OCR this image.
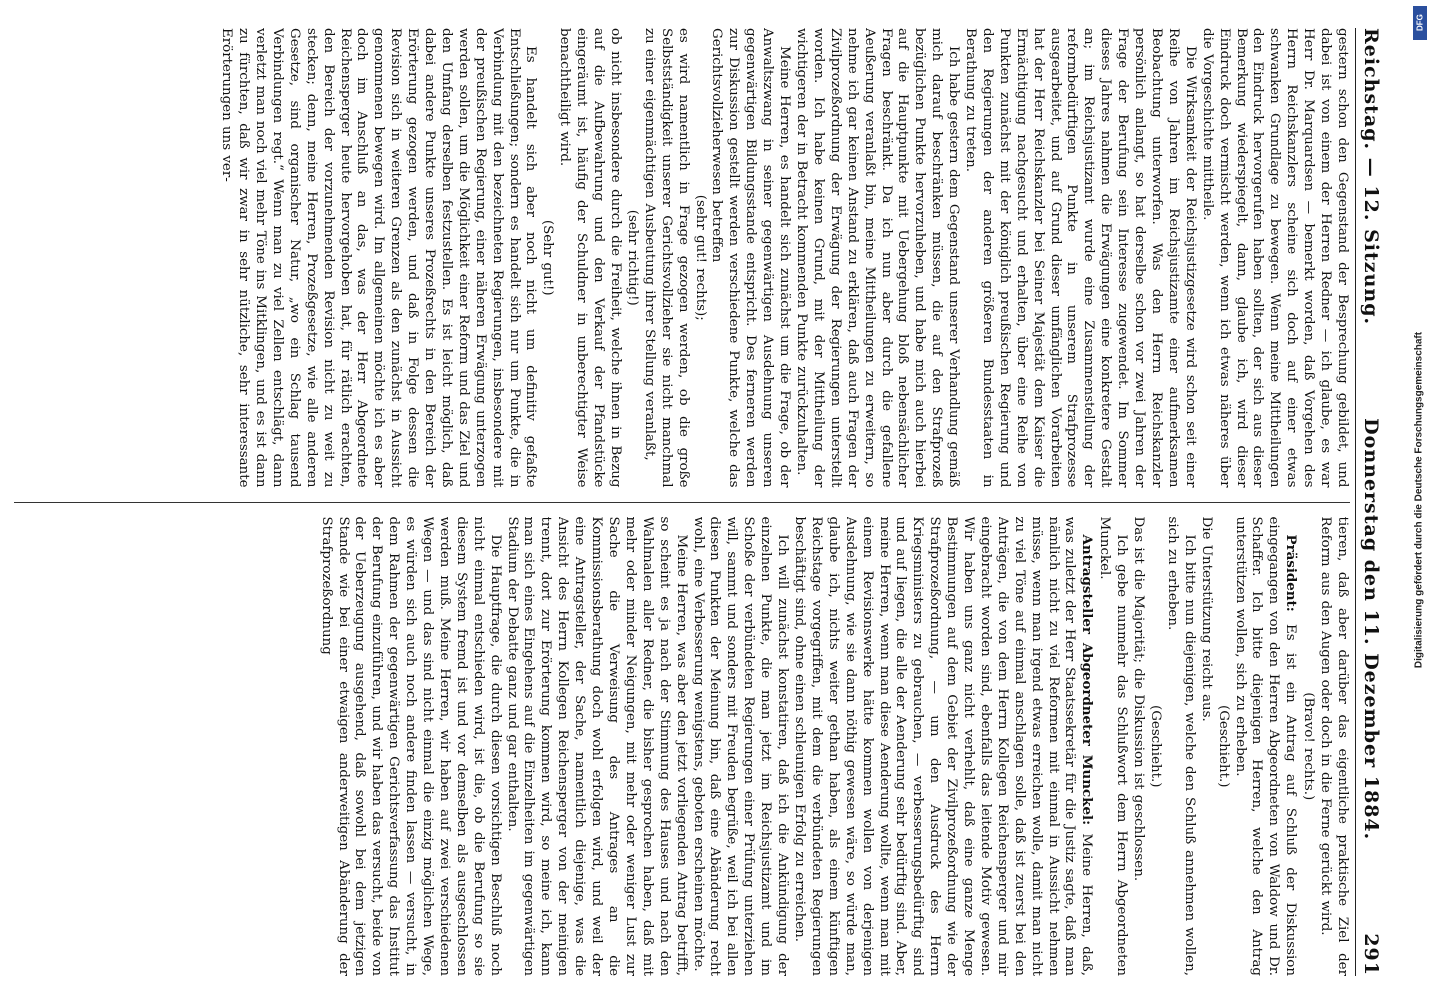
Reichstag. — 12. Sitzung.
Donnerstag den 11. Dezember 1884.
291

gestern schon den Gegenstand der Besprechung gebildet, und dabei ist von einem der Herren Redner — ich glaube, es war Herr Dr. Marquardsen — bemerkt worden, daß Vorgehen des Herrn Reichskanzlers scheine sich doch auf einer etwas schwanken Grundlage zu bewegen. Wenn meine Mittheilungen den Eindruck hervorgerufen haben sollten, der sich aus dieser Bemerkung wiederspiegelt, dann, glaube ich, wird dieser Eindruck doch vermischt werden, wenn ich etwas näheres über die Vorgeschichte mittheile.

Die Wirksamkeit der Reichsjustizgesetze wird schon seit einer Reihe von Jahren im Reichsjustizamte einer aufmerksamen Beobachtung unterworfen. Was den Herrn Reichskanzler persönlich anlangt, so hat derselbe schon vor zwei Jahren der Frage der Berufung sein Interesse zugewendet. Im Sommer dieses Jahres nahmen die Erwägungen eine konkretere Gestalt an; im Reichsjustizamt wurde eine Zusammenstellung der reformbedürftigen Punkte in unserem Strafprozesse ausgearbeitet, und auf Grund dieser umfänglichen Vorarbeiten hat der Herr Reichskanzler bei Seiner Majestät dem Kaiser die Ermächtigung nachgesucht und erhalten, über eine Reihe von Punkten zunächst mit der königlich preußischen Regierung und den Regierungen der anderen größeren Bundesstaaten in Berathung zu treten.

Ich habe gestern dem Gegenstand unserer Verhandlung gemäß mich darauf beschränken müssen, die auf den Strafprozeß bezüglichen Punkte hervorzuheben, und habe mich auch hierbei auf die Hauptpunkte mit Uebergehung bloß nebensächlicher Fragen beschränkt. Da ich nun aber durch die gefallene Aeußerung veranlaßt bin, meine Mittheilungen zu erweitern, so nehme ich gar keinen Anstand zu erklären, daß auch Fragen der Zivilprozeßordnung der Erwägung der Regierungen unterstellt worden. Ich habe keinen Grund, mit der Mittheilung der wichtigeren der in Betracht kommenden Punkte zurückzuhalten.

Meine Herren, es handelt sich zunächst um die Frage, ob der Anwaltszwang in seiner gegenwärtigen Ausdehnung unseren gegenwärtigen Bildungsstande entspricht. Des ferneren werden zur Diskussion gestellt werden verschiedene Punkte, welche das Gerichtsvollzieherwesen betreffen

(sehr gut! rechts);

es wird namentlich in Frage gezogen werden, ob die große Selbstständigkeit unserer Gerichtsvollzieher sie nicht manchmal zu einer eigenmächtigen Ausbeutung ihrer Stellung veranlaßt,

(sehr richtig!)

ob nicht insbesondere durch die Freiheit, welche ihnen in Bezug auf die Aufbewahrung und den Verkauf der Pfandstücke eingeräumt ist, häufig der Schuldner in unberechtigter Weise benachtheiligt wird.

(Sehr gut!)

Es handelt sich aber noch nicht um definitiv gefaßte Entschließungen; sondern es handelt sich nur um Punkte, die in Verbindung mit den bezeichneten Regierungen, insbesondere mit der preußischen Regierung, einer näheren Erwägung unterzogen werden sollen, um die Möglichkeit einer Reform und das Ziel und den Umfang derselben festzustellen. Es ist leicht möglich, daß dabei andere Punkte unseres Prozeßrechts in den Bereich der Erörterung gezogen werden, und daß in Folge dessen die Revision sich in weiteren Grenzen als den zunächst in Aussicht genommenen bewegen wird. Im allgemeinen möchte ich es aber doch im Anschluß an das, was der Herr Abgeordnete Reichensperger heute hervorgehoben hat, für rätlich erachten, den Bereich der vorzunehmenden Revision nicht zu weit zu stecken; denn, meine Herren, Prozeßgesetze, wie alle anderen Gesetze, sind organischer Natur, „wo ein Schlag tausend Verbindungen regt.“ Wenn man zu viel Zellen entschlägt, dann verletzt man noch viel mehr Töne ins Mitklingen, und es ist dann zu fürchten, daß wir zwar in sehr nützliche, sehr interessante Erörterungen uns ver-

tieren, daß aber darüber das eigentliche praktische Ziel der Reform aus den Augen oder doch in die Ferne gerückt wird.

(Bravo! rechts.)

Präsident: Es ist ein Antrag auf Schluß der Diskussion eingegangen von den Herren Abgeordneten von Waldow und Dr. Schaffer. Ich bitte diejenigen Herren, welche den Antrag unterstützen wollen, sich zu erheben.

(Geschieht.)

Die Unterstützung reicht aus.

Ich bitte nun diejenigen, welche den Schluß annehmen wollen, sich zu erheben.

(Geschieht.)

Das ist die Majorität; die Diskussion ist geschlossen.

Ich gebe nunmehr das Schlußwort dem Herrn Abgeordneten Munckel.

Antragsteller Abgeordneter Munckel: Meine Herren, daß, was zuletzt der Herr Staatssekretär für die Justiz sagte, daß man nämlich nicht zu viel Reformen mit einmal in Aussicht nehmen müsse, wenn man irgend etwas erreichen wolle, damit man nicht zu viel Töne auf einmal anschlagen solle, daß ist zuerst bei den Anträgen, die von dem Herrn Kollegen Reichensperger und mir eingebracht worden sind, ebenfalls das leitende Motiv gewesen. Wir haben uns ganz nicht verhehlt, daß eine ganze Menge Bestimmungen auf dem Gebiet der Zivilprozeßordnung wie der Strafprozeßordnung, — um den Ausdruck des Herrn Kriegsministers zu gebrauchen, — verbesserungsbedürftig sind und auf liegen, die alle der Aenderung sehr bedürftig sind. Aber, meine Herren, wenn man diese Aenderung wollte, wenn man mit einem Revisionswerke hätte kommen wollen von derjenigen Ausdehnung, wie sie dann nöthig gewesen wäre, so würde man, glaube ich, nichts weiter gethan haben, als einem künftigen Reichstage vorgegriffen, mit dem die verbündeten Regierungen beschäftigt sind, ohne einen schleunigen Erfolg zu erreichen.

Ich will zunächst konstatiren, daß ich die Ankündigung der einzelnen Punkte, die man jetzt im Reichsjustizamt und im Schoße der verbündeten Regierungen einer Prüfung unterziehen will, sammt und sonders mit Freuden begrüße, weil ich bei allen diesen Punkten der Meinung bin, daß eine Abänderung recht wohl, eine Verbesserung wenigstens, geboten erscheinen möchte.

Meine Herren, was aber den jetzt vorliegenden Antrag betrifft, so scheint es ja nach der Stimmung des Hauses und nach den Wahlmalen aller Redner, die bisher gesprochen haben, daß mit mehr oder minder Neigungen, mit mehr oder weniger Lust zur Sache die Verweisung des Antrages an die Kommissionsberathung doch wohl erfolgen wird, und weil der eine Antragsteller, der Sache, namentlich diejenige, was die Ansicht des Herrn Kollegen Reichensperger von der meinigen trennt, dort zur Erörterung kommen wird, so meine ich, kann man sich eines Eingehens auf die Einzelheiten im gegenwärtigen Stadium der Debatte ganz und gar enthalten.

Die Hauptfrage, die durch diesen vorsichtigen Beschluß noch nicht einmal entschieden wird, ist die, ob die Berufung so sie diesem System fremd ist und vor demselben als ausgeschlossen werden muß. Meine Herren, wir haben auf zwei verschiedenen Wegen — und das sind nicht einmal die einzig möglichen Wege, es würden sich auch noch andere finden lassen — versucht, in dem Rahmen der gegenwärtigen Gerichtsverfassung das Institut der Berufung einzuführen, und wir haben das versucht, beide von der Ueberzeugung ausgehend, daß sowohl bei dem jetzigen Stande wie bei einer etwaigen anderweitigen Abänderung der Strafprozeßordnung	Digitalisierung gefördert durch die Deutsche Forschungsgemeinschaft
DFG
